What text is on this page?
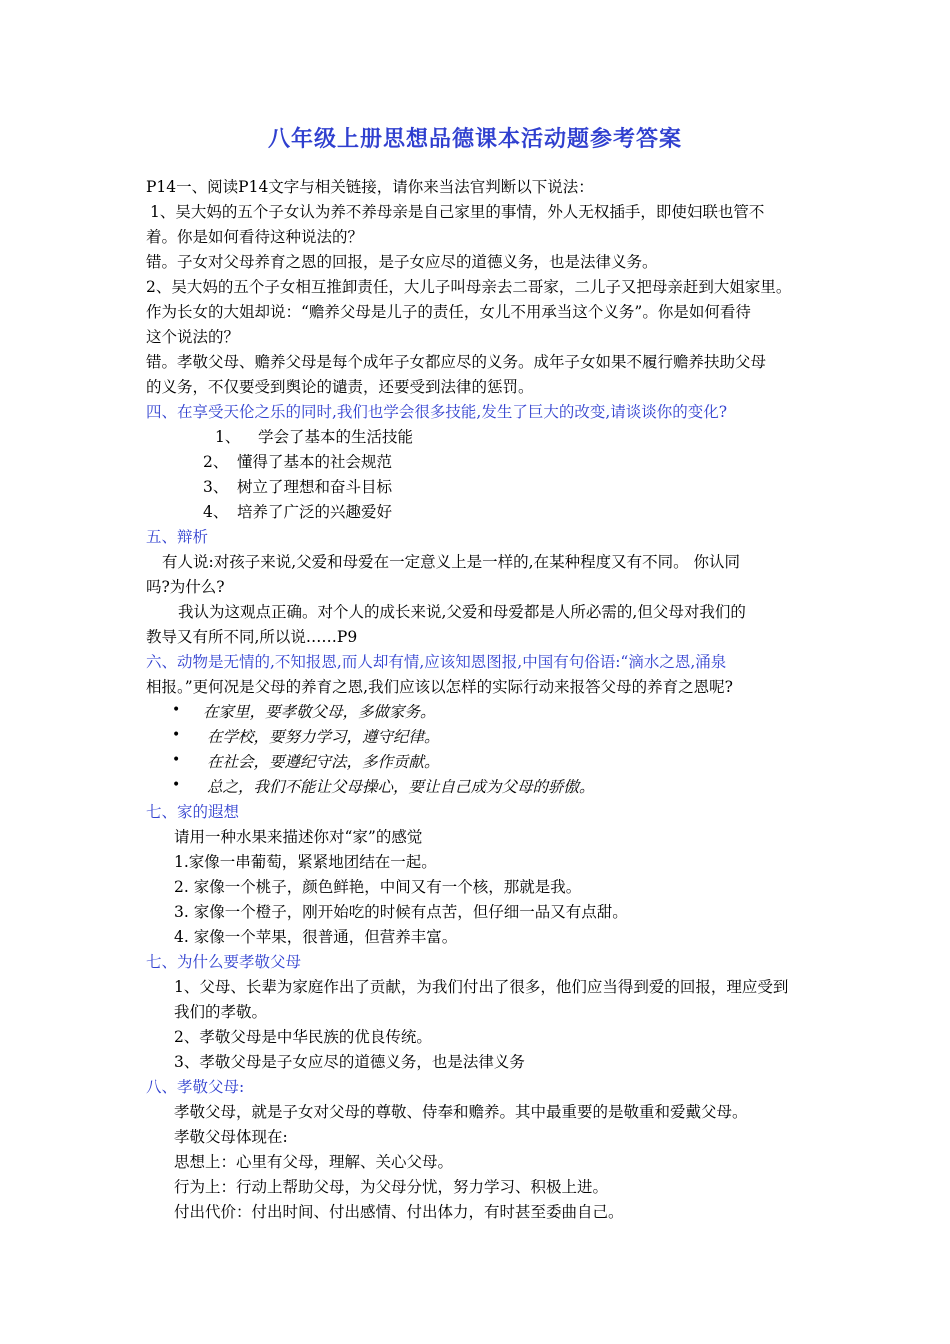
八年级上册思想品德课本活动题参考答案
P14一、阅读P14文字与相关链接，请你来当法官判断以下说法：
1、吴大妈的五个子女认为养不养母亲是自己家里的事情，外人无权插手，即使妇联也管不
着。你是如何看待这种说法的？
错。子女对父母养育之恩的回报，是子女应尽的道德义务，也是法律义务。
2、吴大妈的五个子女相互推卸责任，大儿子叫母亲去二哥家，二儿子又把母亲赶到大姐家里。
作为长女的大姐却说：“赡养父母是儿子的责任，女儿不用承当这个义务”。你是如何看待
这个说法的？
错。孝敬父母、赡养父母是每个成年子女都应尽的义务。成年子女如果不履行赡养扶助父母
的义务，不仅要受到舆论的谴责，还要受到法律的惩罚。
四、在享受天伦之乐的同时,我们也学会很多技能,发生了巨大的改变,请谈谈你的变化?
1、 学会了基本的生活技能
2、 懂得了基本的社会规范
3、 树立了理想和奋斗目标
4、 培养了广泛的兴趣爱好
五、辩析
有人说:对孩子来说,父爱和母爱在一定意义上是一样的,在某种程度又有不同。 你认同
吗?为什么?
我认为这观点正确。对个人的成长来说,父爱和母爱都是人所必需的,但父母对我们的
教导又有所不同,所以说……P9
六、动物是无情的,不知报恩,而人却有情,应该知恩图报,中国有句俗语:“滴水之恩,涌泉
相报。”更何况是父母的养育之恩,我们应该以怎样的实际行动来报答父母的养育之恩呢?
• 在家里，要孝敬父母，多做家务。
• 在学校，要努力学习，遵守纪律。
• 在社会，要遵纪守法，多作贡献。
• 总之，我们不能让父母操心，要让自己成为父母的骄傲。
七、家的遐想
请用一种水果来描述你对“家”的感觉
1.家像一串葡萄，紧紧地团结在一起。
2. 家像一个桃子，颜色鲜艳，中间又有一个核，那就是我。
3. 家像一个橙子，刚开始吃的时候有点苦，但仔细一品又有点甜。
4. 家像一个苹果，很普通，但营养丰富。
七、为什么要孝敬父母
1、父母、长辈为家庭作出了贡献，为我们付出了很多，他们应当得到爱的回报，理应受到
我们的孝敬。
2、孝敬父母是中华民族的优良传统。
3、孝敬父母是子女应尽的道德义务，也是法律义务
八、孝敬父母:
孝敬父母，就是子女对父母的尊敬、侍奉和赡养。其中最重要的是敬重和爱戴父母。
孝敬父母体现在:
思想上：心里有父母，理解、关心父母。
行为上：行动上帮助父母，为父母分忧，努力学习、积极上进。
付出代价：付出时间、付出感情、付出体力，有时甚至委曲自己。
